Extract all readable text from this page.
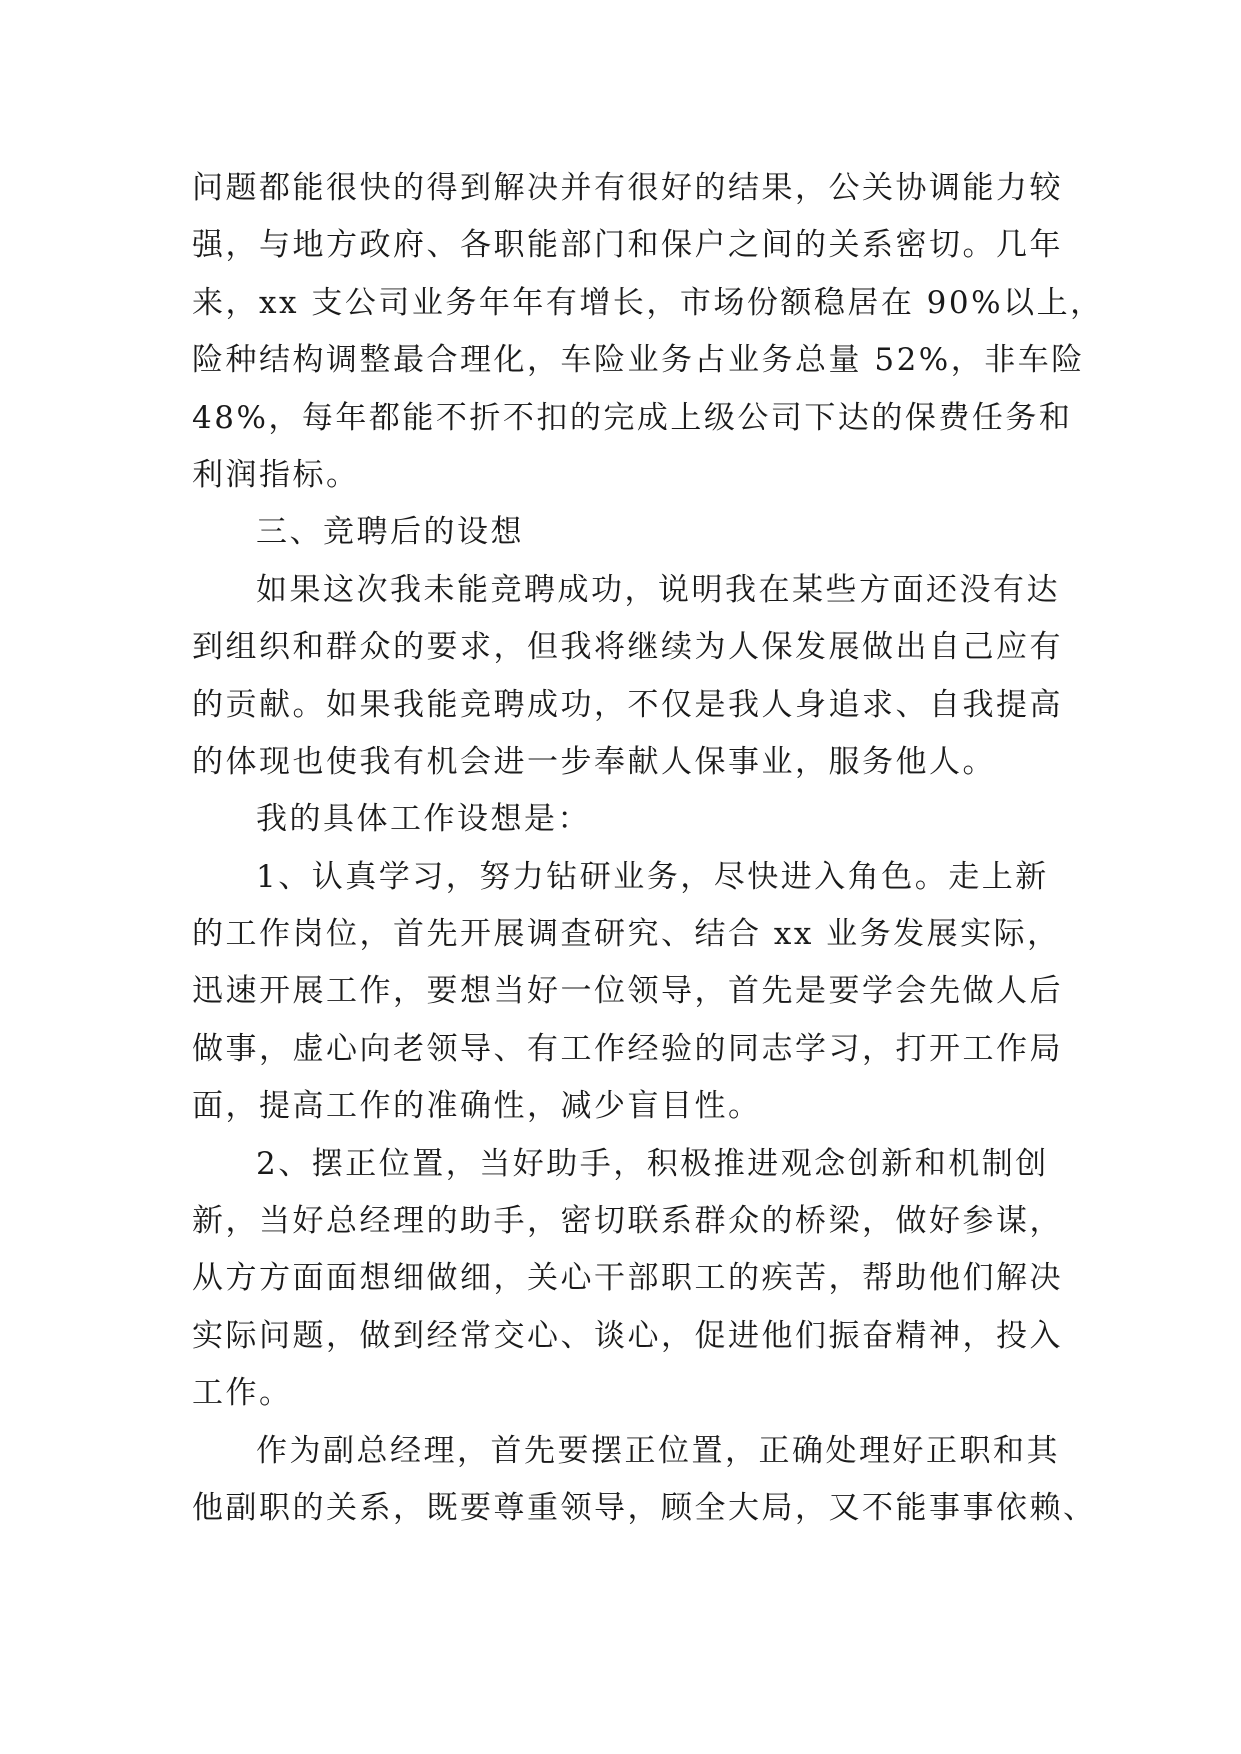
问题都能很快的得到解决并有很好的结果，公关协调能力较
强，与地方政府、各职能部门和保户之间的关系密切。几年
来，xx 支公司业务年年有增长，市场份额稳居在 90%以上，
险种结构调整最合理化，车险业务占业务总量 52%，非车险
48%，每年都能不折不扣的完成上级公司下达的保费任务和
利润指标。
三、竞聘后的设想
如果这次我未能竞聘成功，说明我在某些方面还没有达
到组织和群众的要求，但我将继续为人保发展做出自己应有
的贡献。如果我能竞聘成功，不仅是我人身追求、自我提高
的体现也使我有机会进一步奉献人保事业，服务他人。
我的具体工作设想是：
1、认真学习，努力钻研业务，尽快进入角色。走上新
的工作岗位，首先开展调查研究、结合 xx 业务发展实际，
迅速开展工作，要想当好一位领导，首先是要学会先做人后
做事，虚心向老领导、有工作经验的同志学习，打开工作局
面，提高工作的准确性，减少盲目性。
2、摆正位置，当好助手，积极推进观念创新和机制创
新，当好总经理的助手，密切联系群众的桥梁，做好参谋，
从方方面面想细做细，关心干部职工的疾苦，帮助他们解决
实际问题，做到经常交心、谈心，促进他们振奋精神，投入
工作。
作为副总经理，首先要摆正位置，正确处理好正职和其
他副职的关系，既要尊重领导，顾全大局，又不能事事依赖、
